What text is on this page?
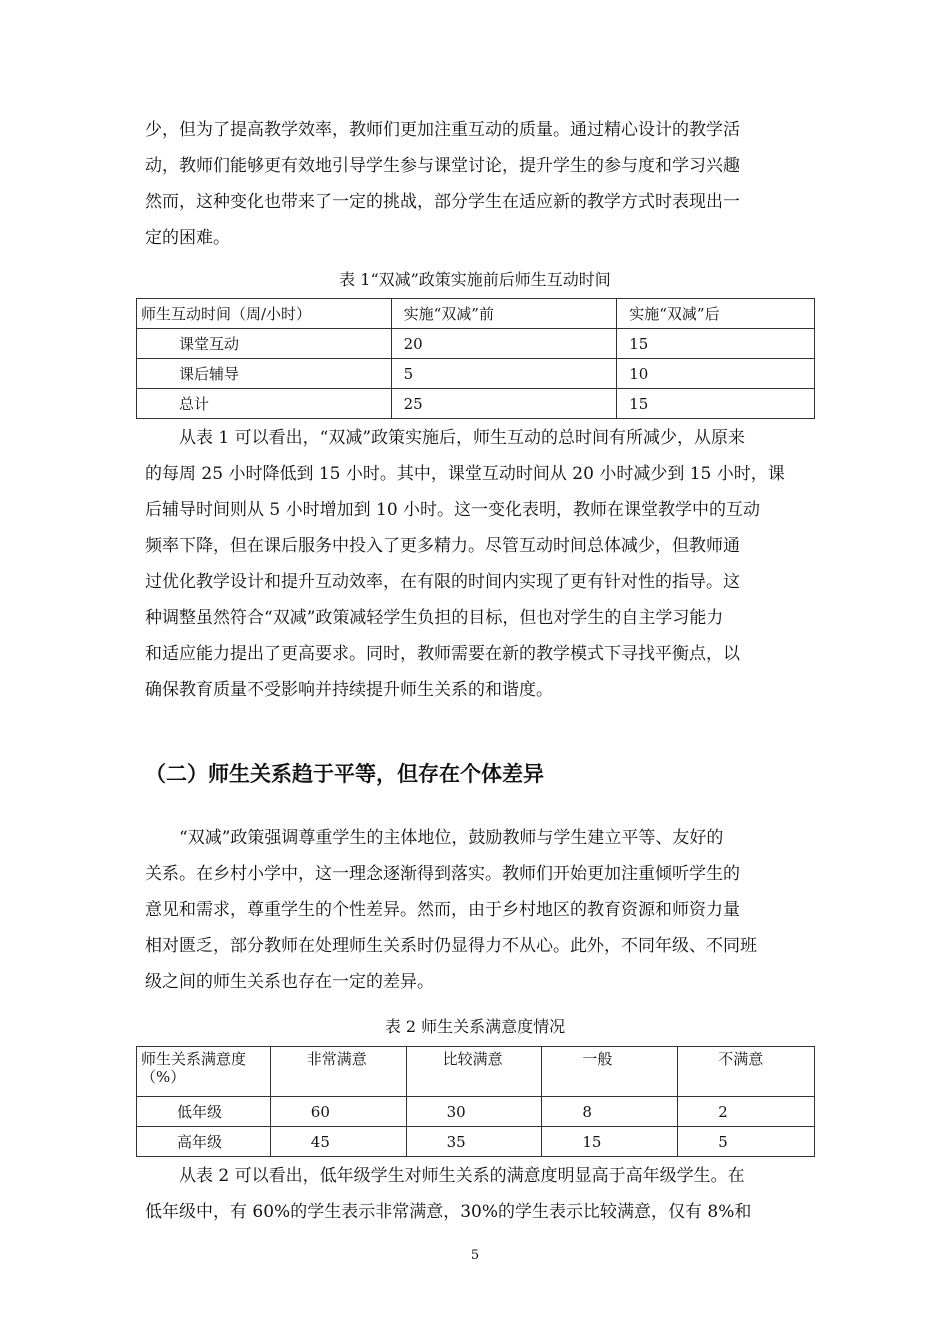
少，但为了提高教学效率，教师们更加注重互动的质量。通过精心设计的教学活
动，教师们能够更有效地引导学生参与课堂讨论，提升学生的参与度和学习兴趣
然而，这种变化也带来了一定的挑战，部分学生在适应新的教学方式时表现出一
定的困难。

表 1“双减”政策实施前后师生互动时间

师生互动时间（周/小时）	实施“双减”前	实施“双减”后
课堂互动	20	15
课后辅导	5	10
总计	25	15

从表 1 可以看出，“双减”政策实施后，师生互动的总时间有所减少，从原来
的每周 25 小时降低到 15 小时。其中，课堂互动时间从 20 小时减少到 15 小时，课
后辅导时间则从 5 小时增加到 10 小时。这一变化表明，教师在课堂教学中的互动
频率下降，但在课后服务中投入了更多精力。尽管互动时间总体减少，但教师通
过优化教学设计和提升互动效率，在有限的时间内实现了更有针对性的指导。这
种调整虽然符合“双减”政策减轻学生负担的目标，但也对学生的自主学习能力
和适应能力提出了更高要求。同时，教师需要在新的教学模式下寻找平衡点，以
确保教育质量不受影响并持续提升师生关系的和谐度。

（二）师生关系趋于平等，但存在个体差异

“双减”政策强调尊重学生的主体地位，鼓励教师与学生建立平等、友好的
关系。在乡村小学中，这一理念逐渐得到落实。教师们开始更加注重倾听学生的
意见和需求，尊重学生的个性差异。然而，由于乡村地区的教育资源和师资力量
相对匮乏，部分教师在处理师生关系时仍显得力不从心。此外，不同年级、不同班
级之间的师生关系也存在一定的差异。

表 2 师生关系满意度情况

师生关系满意度（%）	非常满意	比较满意	一般	不满意
低年级	60	30	8	2
高年级	45	35	15	5

从表 2 可以看出，低年级学生对师生关系的满意度明显高于高年级学生。在
低年级中，有 60%的学生表示非常满意，30%的学生表示比较满意，仅有 8%和

5
